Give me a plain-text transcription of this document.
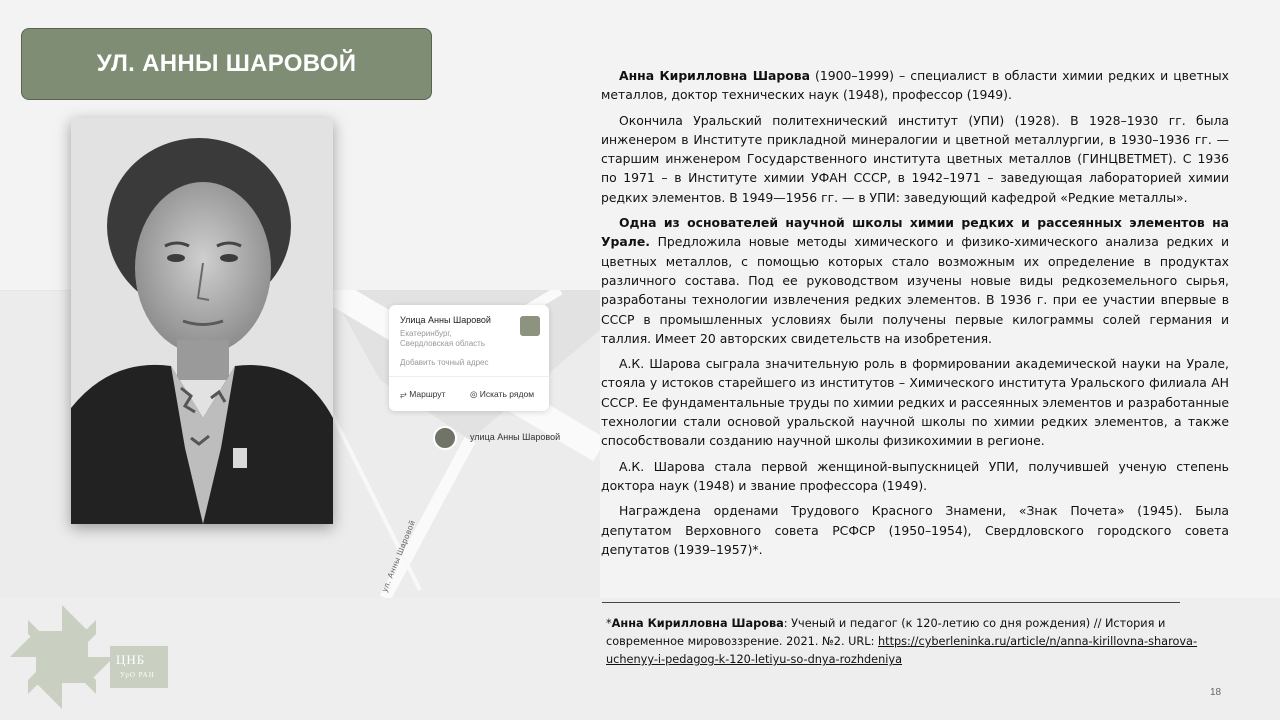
УЛ. АННЫ ШАРОВОЙ
Улица Анны Шаровой
Екатеринбург,
Свердловская область
Добавить точный адрес
⥂ Маршрут	◎ Искать рядом
улица Анны Шаровой
ул. Анны Шаровой

Анна Кирилловна Шарова (1900–1999) – специалист в области химии редких и цветных металлов, доктор технических наук (1948), профессор (1949).

Окончила Уральский политехнический институт (УПИ) (1928). В 1928–1930 гг. была инженером в Институте прикладной минералогии и цветной металлургии, в 1930–1936 гг. — старшим инженером Государственного института цветных металлов (ГИНЦВЕТМЕТ). С 1936 по 1971 – в Институте химии УФАН СССР, в 1942–1971 – заведующая лабораторией химии редких элементов. В 1949—1956 гг. — в УПИ: заведующий кафедрой «Редкие металлы».

Одна из основателей научной школы химии редких и рассеянных элементов на Урале. Предложила новые методы химического и физико-химического анализа редких и цветных металлов, с помощью которых стало возможным их определение в продуктах различного состава. Под ее руководством изучены новые виды редкоземельного сырья, разработаны технологии извлечения редких элементов. В 1936 г. при ее участии впервые в СССР в промышленных условиях были получены первые килограммы солей германия и таллия. Имеет 20 авторских свидетельств на изобретения.

А.К. Шарова сыграла значительную роль в формировании академической науки на Урале, стояла у истоков старейшего из институтов – Химического института Уральского филиала АН СССР. Ее фундаментальные труды по химии редких и рассеянных элементов и разработанные технологии стали основой уральской научной школы по химии редких элементов, а также способствовали созданию научной школы физикохимии в регионе.

А.К. Шарова стала первой женщиной-выпускницей УПИ, получившей ученую степень доктора наук (1948) и звание профессора (1949).

Награждена орденами Трудового Красного Знамени, «Знак Почета» (1945). Была депутатом Верховного совета РСФСР (1950–1954), Свердловского городского совета депутатов (1939–1957)*.

*Анна Кирилловна Шарова: Ученый и педагог (к 120-летию со дня рождения) // История и современное мировоззрение. 2021. №2. URL: https://cyberleninka.ru/article/n/anna-kirillovna-sharova-uchenyy-i-pedagog-k-120-letiyu-so-dnya-rozhdeniya
18
ЦНБ
УрО РАН
